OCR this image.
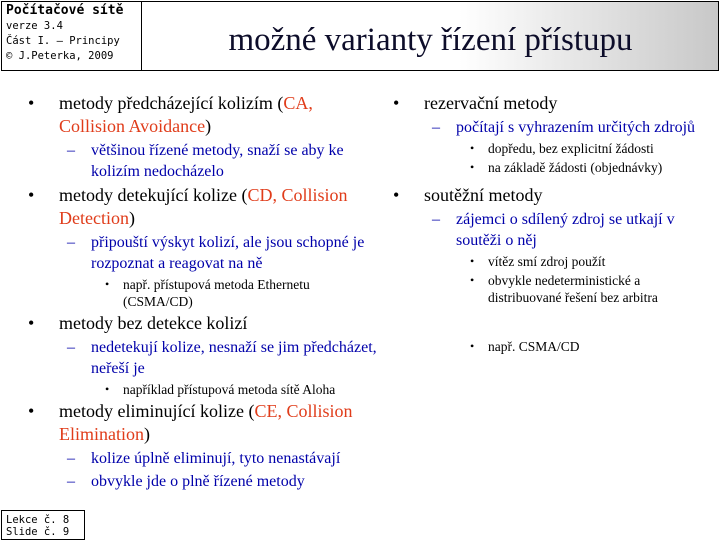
Počítačové sítě
verze 3.4
Část I. – Principy
© J.Peterka, 2009	možné varianty řízení přístupu
• metody předcházející kolizím (CA, Collision Avoidance)
– většinou řízené metody, snaží se aby ke kolizím nedocházelo
• metody detekující kolize (CD, Collision Detection)
– připouští výskyt kolizí, ale jsou schopné je rozpoznat a reagovat na ně
• např. přístupová metoda Ethernetu (CSMA/CD)
• metody bez detekce kolizí
– nedetekují kolize, nesnaží se jim předcházet, neřeší je
• například přístupová metoda sítě Aloha
• metody eliminující kolize (CE, Collision Elimination)
– kolize úplně eliminují, tyto nenastávají
– obvykle jde o plně řízené metody
• rezervační metody
– počítají s vyhrazením určitých zdrojů
• dopředu, bez explicitní žádosti
• na základě žádosti (objednávky)
• soutěžní metody
– zájemci o sdílený zdroj se utkají v soutěži o něj
• vítěz smí zdroj použít
• obvykle nedeterministické a distribuované řešení bez arbitra
• např. CSMA/CD
Lekce č. 8
Slide č. 9
